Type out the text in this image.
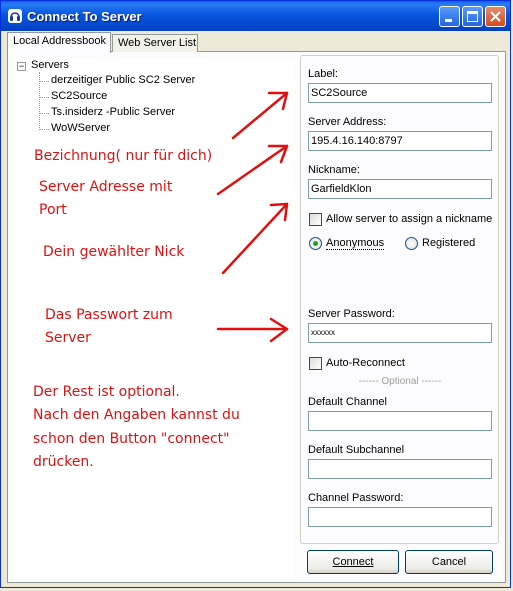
Connect To Server
Local Addressbook	Web Server List
− Servers
derzeitiger Public SC2 Server
SC2Source
Ts.insiderz -Public Server
WoWServer
Bezichnung( nur für dich)
Server Adresse mit
Port
Dein gewählter Nick
Das Passwort zum
Server
Der Rest ist optional.
Nach den Angaben kannst du
schon den Button "connect"
drücken.
Label:
SC2Source
Server Address:
195.4.16.140:8797
Nickname:
GarfieldKlon
Allow server to assign a nickname
Anonymous	Registered
Server Password:
xxxxxx
Auto-Reconnect
------ Optional ------
Default Channel
Default Subchannel
Channel Password:
Connect	Cancel
